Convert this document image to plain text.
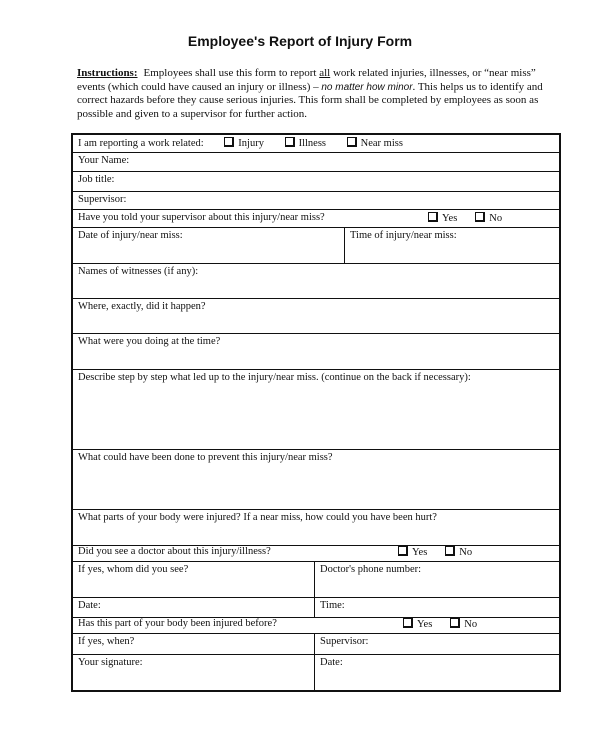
Employee's Report of Injury Form
Instructions: Employees shall use this form to report all work related injuries, illnesses, or “near miss” events (which could have caused an injury or illness) – no matter how minor. This helps us to identify and correct hazards before they cause serious injuries. This form shall be completed by employees as soon as possible and given to a supervisor for further action.
I am reporting a work related:	Injury	Illness	Near miss
Your Name:
Job title:
Supervisor:
Have you told your supervisor about this injury/near miss?	Yes	No
Date of injury/near miss:	Time of injury/near miss:
Names of witnesses (if any):
Where, exactly, did it happen?
What were you doing at the time?
Describe step by step what led up to the injury/near miss. (continue on the back if necessary):
What could have been done to prevent this injury/near miss?
What parts of your body were injured? If a near miss, how could you have been hurt?
Did you see a doctor about this injury/illness?	Yes	No
If yes, whom did you see?	Doctor's phone number:
Date:	Time:
Has this part of your body been injured before?	Yes	No
If yes, when?	Supervisor:
Your signature:	Date:
